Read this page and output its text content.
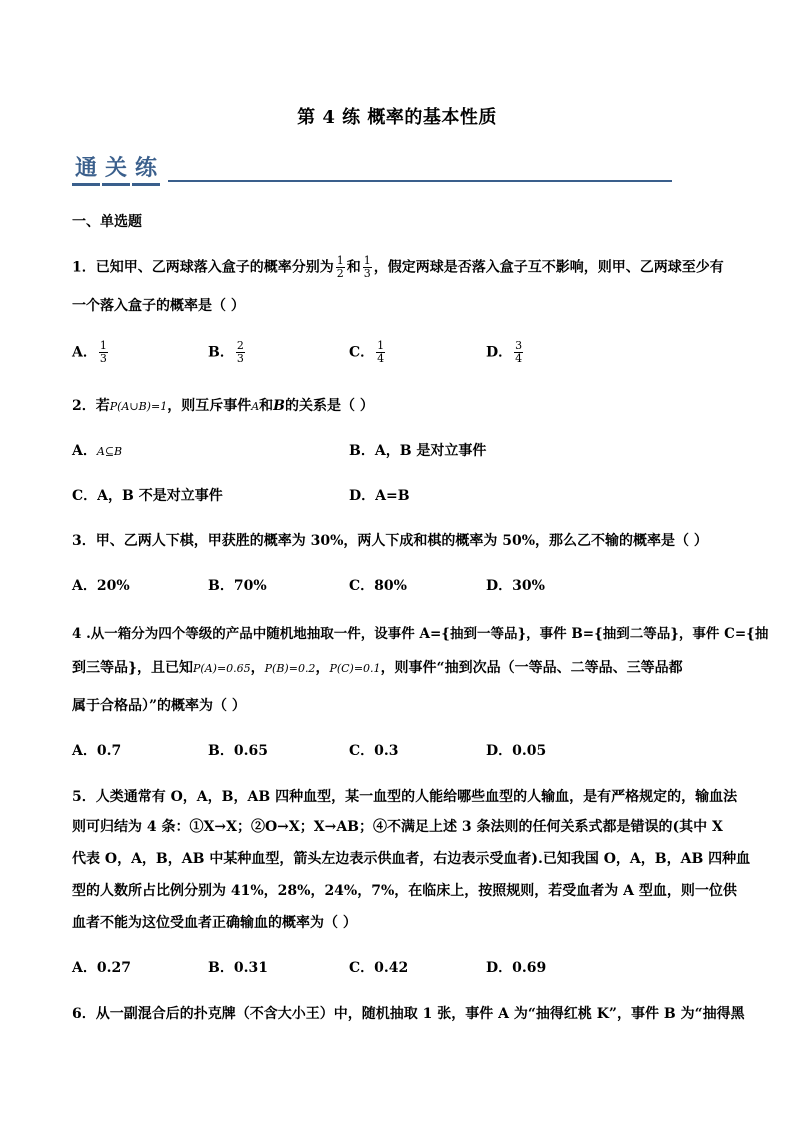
第 4 练 概率的基本性质
通 关 练
一、单选题
1．已知甲、乙两球落入盒子的概率分别为 $\frac{1}{2}$ 和 $\frac{1}{3}$ ，假定两球是否落入盒子互不影响，则甲、乙两球至少有
一个落入盒子的概率是（ ）
A． $\frac{1}{3}$	B． $\frac{2}{3}$	C． $\frac{1}{4}$	D． $\frac{3}{4}$
2．若P(A∪B)=1，则互斥事件A和B的关系是（ ）
A．A⊆B	B．A，B 是对立事件
C．A，B 不是对立事件	D．A=B
3．甲、乙两人下棋，甲获胜的概率为 30%，两人下成和棋的概率为 50%，那么乙不输的概率是（ ）
A．20%	B．70%	C．80%	D．30%
4 .从一箱分为四个等级的产品中随机地抽取一件，设事件 A={抽到一等品}，事件 B={抽到二等品}，事件 C={抽
到三等品}，且已知P(A)=0.65，P(B)=0.2，P(C)=0.1，则事件“抽到次品（一等品、二等品、三等品都
属于合格品）”的概率为（ ）
A．0.7	B．0.65	C．0.3	D．0.05
5．人类通常有 O，A，B，AB 四种血型，某一血型的人能给哪些血型的人输血，是有严格规定的，输血法
则可归结为 4 条：①X→X；②O→X；X→AB；④不满足上述 3 条法则的任何关系式都是错误的(其中 X
代表 O，A，B，AB 中某种血型，箭头左边表示供血者，右边表示受血者).已知我国 O，A，B，AB 四种血
型的人数所占比例分别为 41%，28%，24%，7%，在临床上，按照规则，若受血者为 A 型血，则一位供
血者不能为这位受血者正确输血的概率为（ ）
A．0.27	B．0.31	C．0.42	D．0.69
6．从一副混合后的扑克牌（不含大小王）中，随机抽取 1 张，事件 A 为“抽得红桃 K”，事件 B 为“抽得黑
